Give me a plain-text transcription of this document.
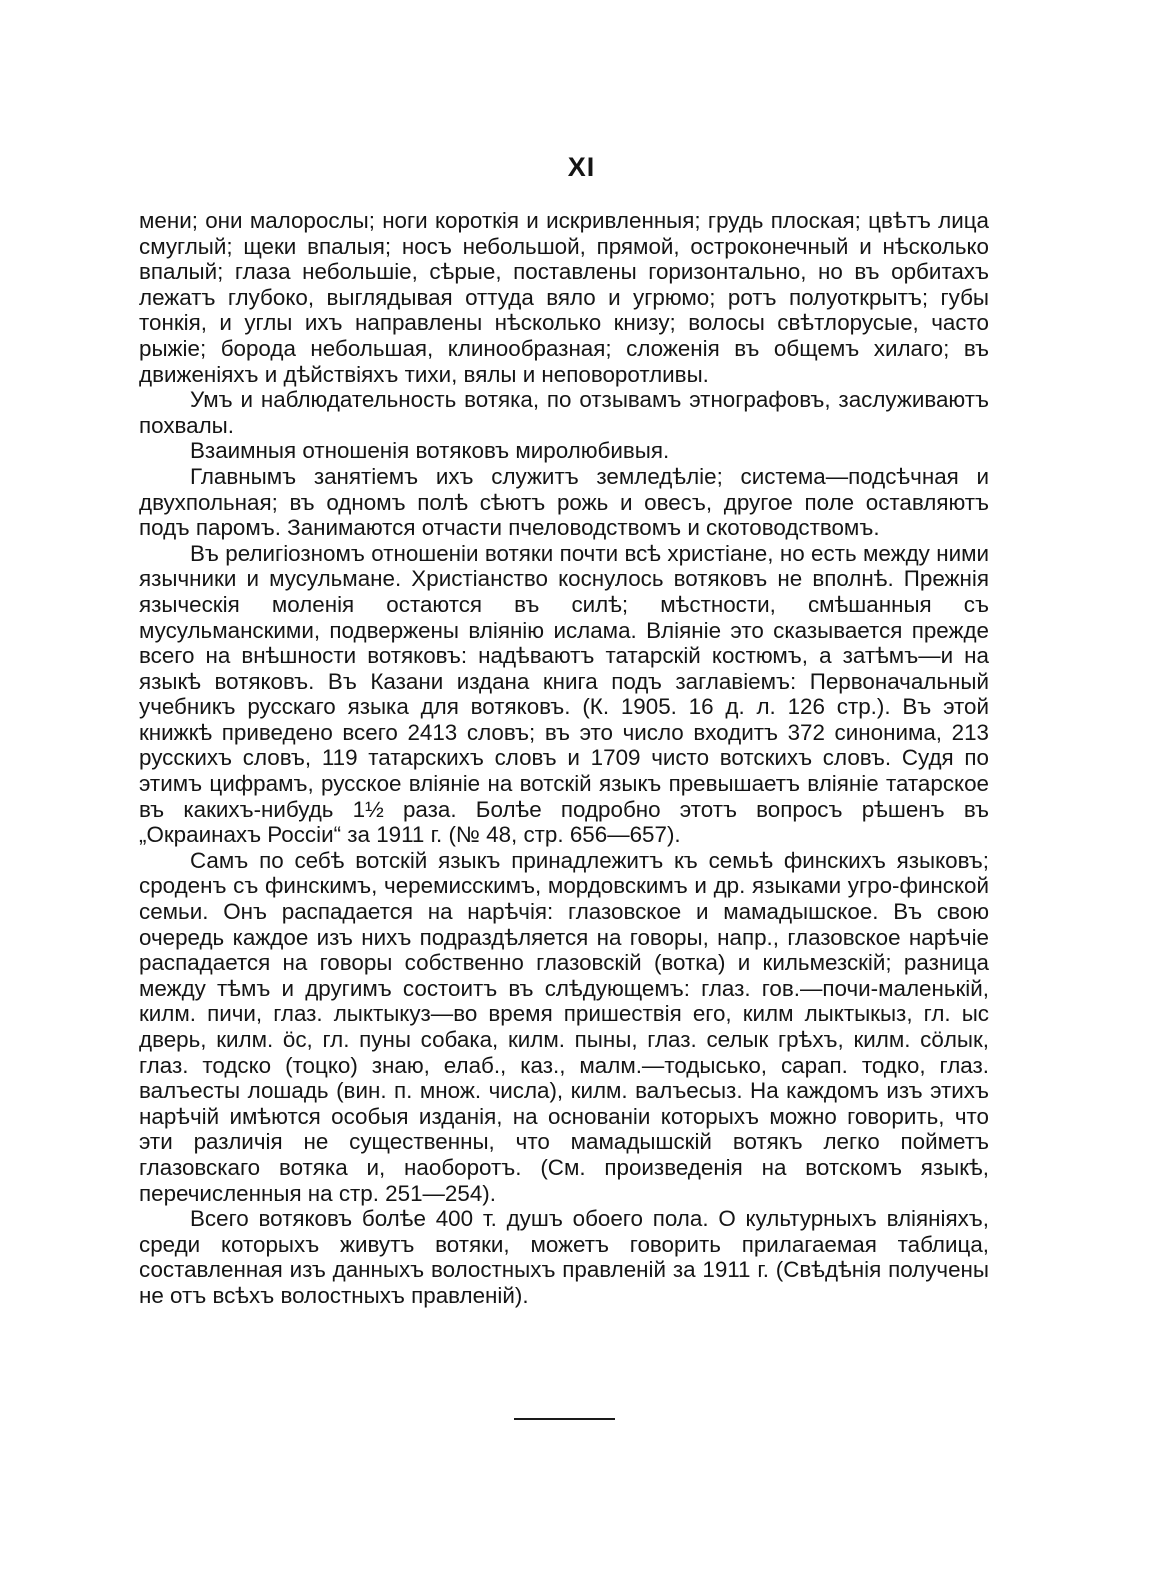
XI

мени; они малорослы; ноги короткія и искривленныя; грудь плоская; цвѣтъ лица смуглый; щеки впалыя; носъ небольшой, прямой, остроконечный и нѣсколько впалый; глаза небольшіе, сѣрые, поставлены горизонтально, но въ орбитахъ лежатъ глубоко, выглядывая оттуда вяло и угрюмо; ротъ полуоткрытъ; губы тонкія, и углы ихъ направлены нѣсколько книзу; волосы свѣтлорусые, часто рыжіе; борода небольшая, клинообразная; сложенія въ общемъ хилаго; въ движеніяхъ и дѣйствіяхъ тихи, вялы и неповоротливы.

Умъ и наблюдательность вотяка, по отзывамъ этнографовъ, заслуживаютъ похвалы.

Взаимныя отношенія вотяковъ миролюбивыя.

Главнымъ занятіемъ ихъ служитъ земледѣліе; система—подсѣчная и двухпольная; въ одномъ полѣ сѣютъ рожь и овесъ, другое поле оставляютъ подъ паромъ. Занимаются отчасти пчеловодствомъ и скотоводствомъ.

Въ религіозномъ отношеніи вотяки почти всѣ христіане, но есть между ними язычники и мусульмане. Христіанство коснулось вотяковъ не вполнѣ. Прежнія языческія моленія остаются въ силѣ; мѣстности, смѣшанныя съ мусульманскими, подвержены вліянію ислама. Вліяніе это сказывается прежде всего на внѣшности вотяковъ: надѣваютъ татарскій костюмъ, а затѣмъ—и на языкѣ вотяковъ. Въ Казани издана книга подъ заглавіемъ: Первоначальный учебникъ русскаго языка для вотяковъ. (К. 1905. 16 д. л. 126 стр.). Въ этой книжкѣ приведено всего 2413 словъ; въ это число входитъ 372 синонима, 213 русскихъ словъ, 119 татарскихъ словъ и 1709 чисто вотскихъ словъ. Судя по этимъ цифрамъ, русское вліяніе на вотскій языкъ превышаетъ вліяніе татарское въ какихъ-нибудь 1½ раза. Болѣе подробно этотъ вопросъ рѣшенъ въ „Окраинахъ Россіи“ за 1911 г. (№ 48, стр. 656—657).

Самъ по себѣ вотскій языкъ принадлежитъ къ семьѣ финскихъ языковъ; сроденъ съ финскимъ, черемисскимъ, мордовскимъ и др. языками угро-финской семьи. Онъ распадается на нарѣчія: глазовское и мамадышское. Въ свою очередь каждое изъ нихъ подраздѣляется на говоры, напр., глазовское нарѣчіе распадается на говоры собственно глазовскій (вотка) и кильмезскій; разница между тѣмъ и другимъ состоитъ въ слѣдующемъ: глаз. гов.—почи-маленькій, килм. пичи, глаз. лыктыкуз—во время пришествія его, килм лыктыкыз, гл. ыс дверь, килм. öс, гл. пуны собака, килм. пыны, глаз. селык грѣхъ, килм. сöлык, глаз. тодско (тоцко) знаю, елаб., каз., малм.—тодысько, сарап. тодко, глаз. валъесты лошадь (вин. п. множ. числа), килм. валъесыз. На каждомъ изъ этихъ нарѣчій имѣются особыя изданія, на основаніи которыхъ можно говорить, что эти различія не существенны, что мамадышскій вотякъ легко пойметъ глазовскаго вотяка и, наоборотъ. (См. произведенія на вотскомъ языкѣ, перечисленныя на стр. 251—254).

Всего вотяковъ болѣе 400 т. душъ обоего пола. О культурныхъ вліяніяхъ, среди которыхъ живутъ вотяки, можетъ говорить прилагаемая таблица, составленная изъ данныхъ волостныхъ правленій за 1911 г. (Свѣдѣнія получены не отъ всѣхъ волостныхъ правленій).
